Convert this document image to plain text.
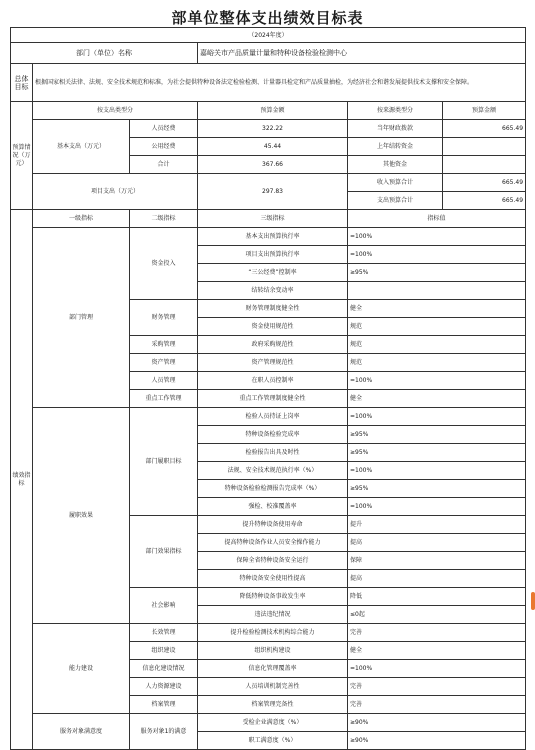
部单位整体支出绩效目标表
（2024年度）					
部门（单位）名称			嘉峪关市产品质量计量和特种设备检验检测中心		
总体目标	根据国家相关法律、法规、安全技术规范和标准，为社会提供特种设备法定检验检测、计量器具检定和产品质量抽检，为经济社会和谐发展提供技术支撑和安全保障。				
预算情况（万元）	按支出类型分		预算金额	按来源类型分	预算金额
	基本支出（万元）	人员经费	322.22	当年财政拨款	665.49
		公用经费	45.44	上年结转资金	
		合计	367.66	其他资金	
	项目支出（万元）		297.83	收入预算合计	665.49
				支出预算合计	665.49
绩效指标	一级指标	二级指标	三级指标	指标值	
	部门管理	资金投入	基本支出预算执行率	=100%	
			项目支出预算执行率	=100%	
			“三公经费”控制率	≥95%	
			结转结余变动率		
		财务管理	财务管理制度健全性	健全	
			资金使用规范性	规范	
		采购管理	政府采购规范性	规范	
		资产管理	资产管理规范性	规范	
		人员管理	在职人员控制率	=100%	
		重点工作管理	重点工作管理制度健全性	健全	
	履职效果	部门履职目标	检验人员持证上岗率	=100%	
			特种设备检验完成率	≥95%	
			检验报告出具及时性	≥95%	
			法规、安全技术规范执行率（%）	=100%	
			特种设备检验检测报告完成率（%）	≥95%	
			强检、校准覆盖率	=100%	
		部门效果指标	提升特种设备使用寿命	提升	
			提高特种设备作业人员安全操作能力	提高	
			保障全省特种设备安全运行	保障	
			特种设备安全使用性提高	提高	
		社会影响	降低特种设备事故发生率	降低	
			违法违纪情况	≤0起	
	能力建设	长效管理	提升检验检测技术机构综合能力	完善	
		组织建设	组织机构建设	健全	
		信息化建设情况	信息化管理覆盖率	=100%	
		人力资源建设	人员培训机制完善性	完善	
		档案管理	档案管理完备性	完善	
	服务对象满意度	服务对象1的满意	受检企业满意度（%）	≥90%	
			职工满意度（%）	≥90%	
